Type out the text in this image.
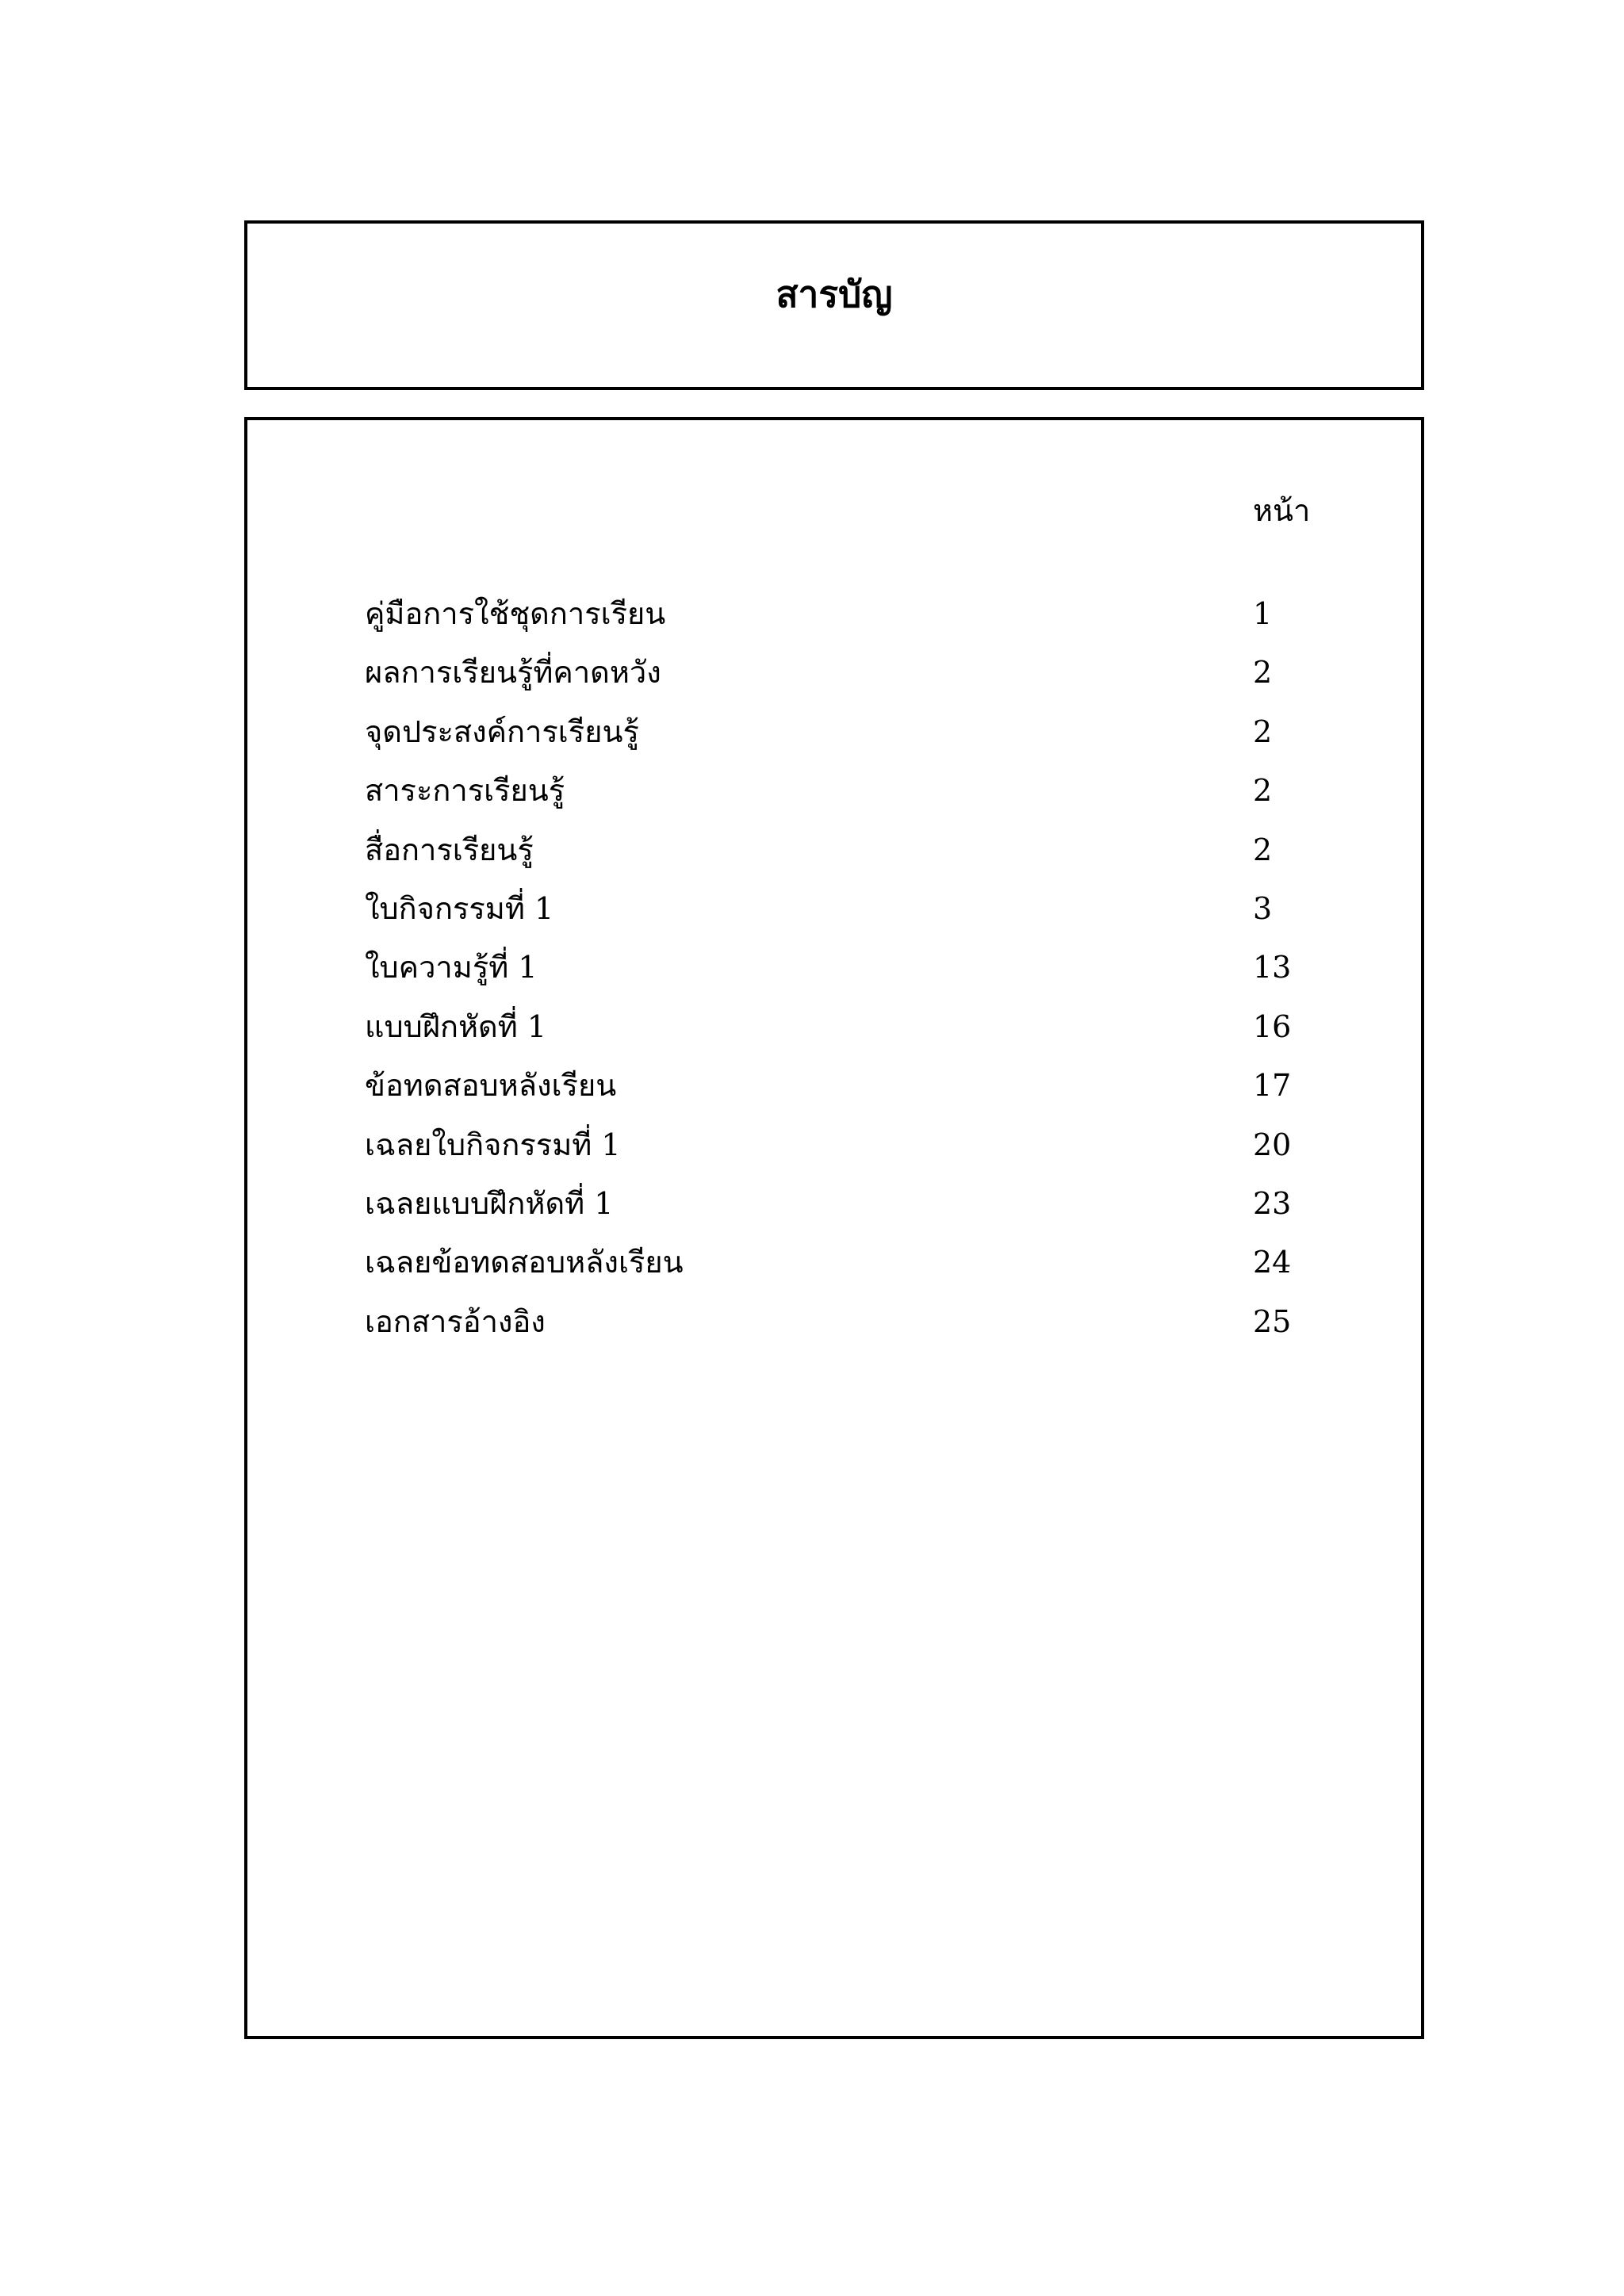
สารบัญ
หน้า
คู่มือการใช้ชุดการเรียน	1
ผลการเรียนรู้ที่คาดหวัง	2
จุดประสงค์การเรียนรู้	2
สาระการเรียนรู้	2
สื่อการเรียนรู้	2
ใบกิจกรรมที่ 1	3
ใบความรู้ที่ 1	13
แบบฝึกหัดที่ 1	16
ข้อทดสอบหลังเรียน	17
เฉลยใบกิจกรรมที่ 1	20
เฉลยแบบฝึกหัดที่ 1	23
เฉลยข้อทดสอบหลังเรียน	24
เอกสารอ้างอิง	25
